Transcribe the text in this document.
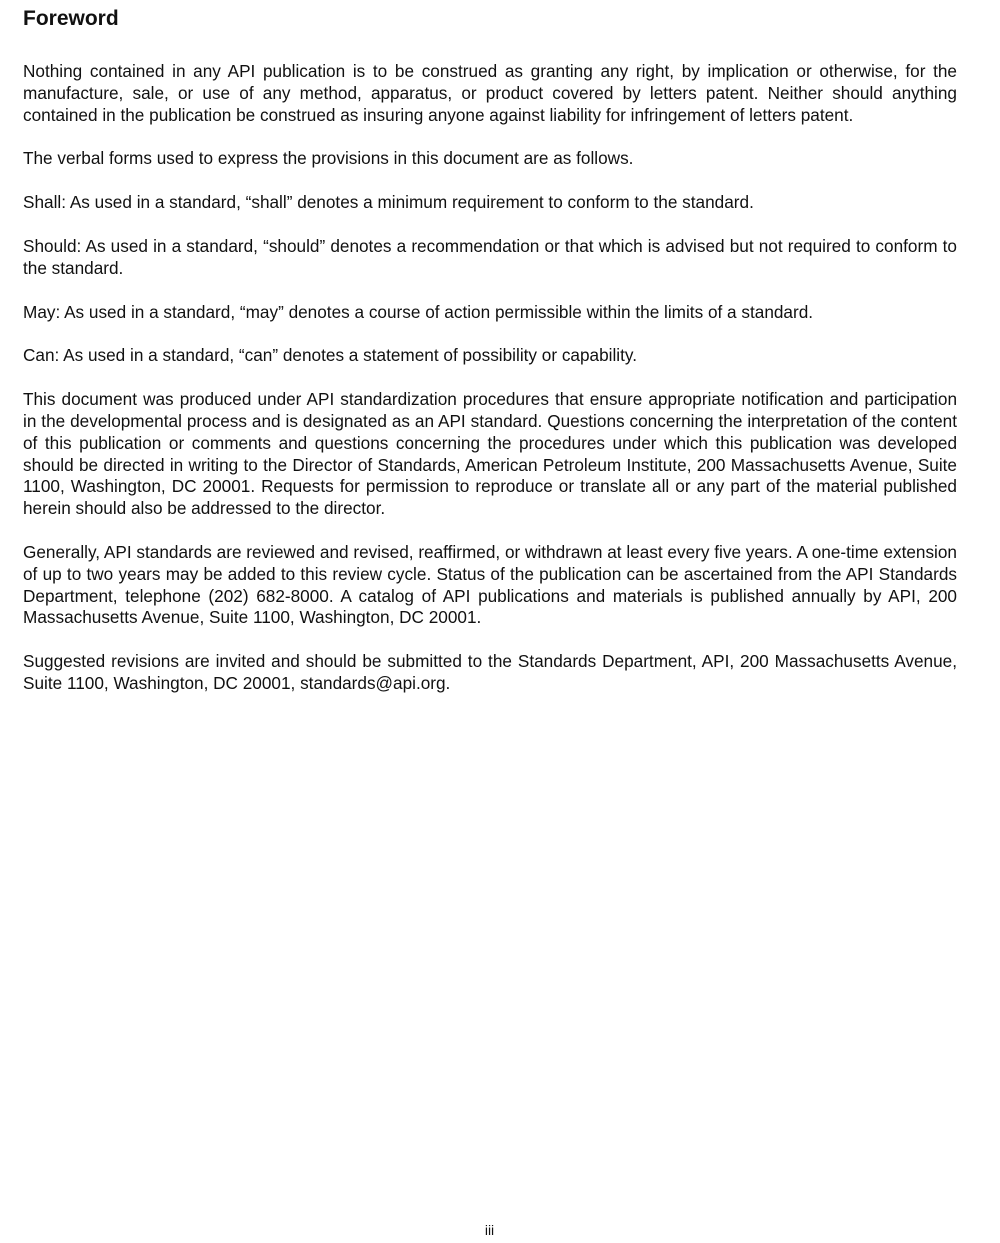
Foreword

Nothing contained in any API publication is to be construed as granting any right, by implication or otherwise, for the manufacture, sale, or use of any method, apparatus, or product covered by letters patent. Neither should anything contained in the publication be construed as insuring anyone against liability for infringement of letters patent.

The verbal forms used to express the provisions in this document are as follows.

Shall: As used in a standard, “shall” denotes a minimum requirement to conform to the standard.

Should: As used in a standard, “should” denotes a recommendation or that which is advised but not required to conform to the standard.

May: As used in a standard, “may” denotes a course of action permissible within the limits of a standard.

Can: As used in a standard, “can” denotes a statement of possibility or capability.

This document was produced under API standardization procedures that ensure appropriate notification and participation in the developmental process and is designated as an API standard. Questions concerning the interpretation of the content of this publication or comments and questions concerning the procedures under which this publication was developed should be directed in writing to the Director of Standards, American Petroleum Institute, 200 Massachusetts Avenue, Suite 1100, Washington, DC 20001. Requests for permission to reproduce or translate all or any part of the material published herein should also be addressed to the director.

Generally, API standards are reviewed and revised, reaffirmed, or withdrawn at least every five years. A one-time extension of up to two years may be added to this review cycle. Status of the publication can be ascertained from the API Standards Department, telephone (202) 682-8000. A catalog of API publications and materials is published annually by API, 200 Massachusetts Avenue, Suite 1100, Washington, DC 20001.

Suggested revisions are invited and should be submitted to the Standards Department, API, 200 Massachusetts Avenue, Suite 1100, Washington, DC 20001, standards@api.org.

iii
